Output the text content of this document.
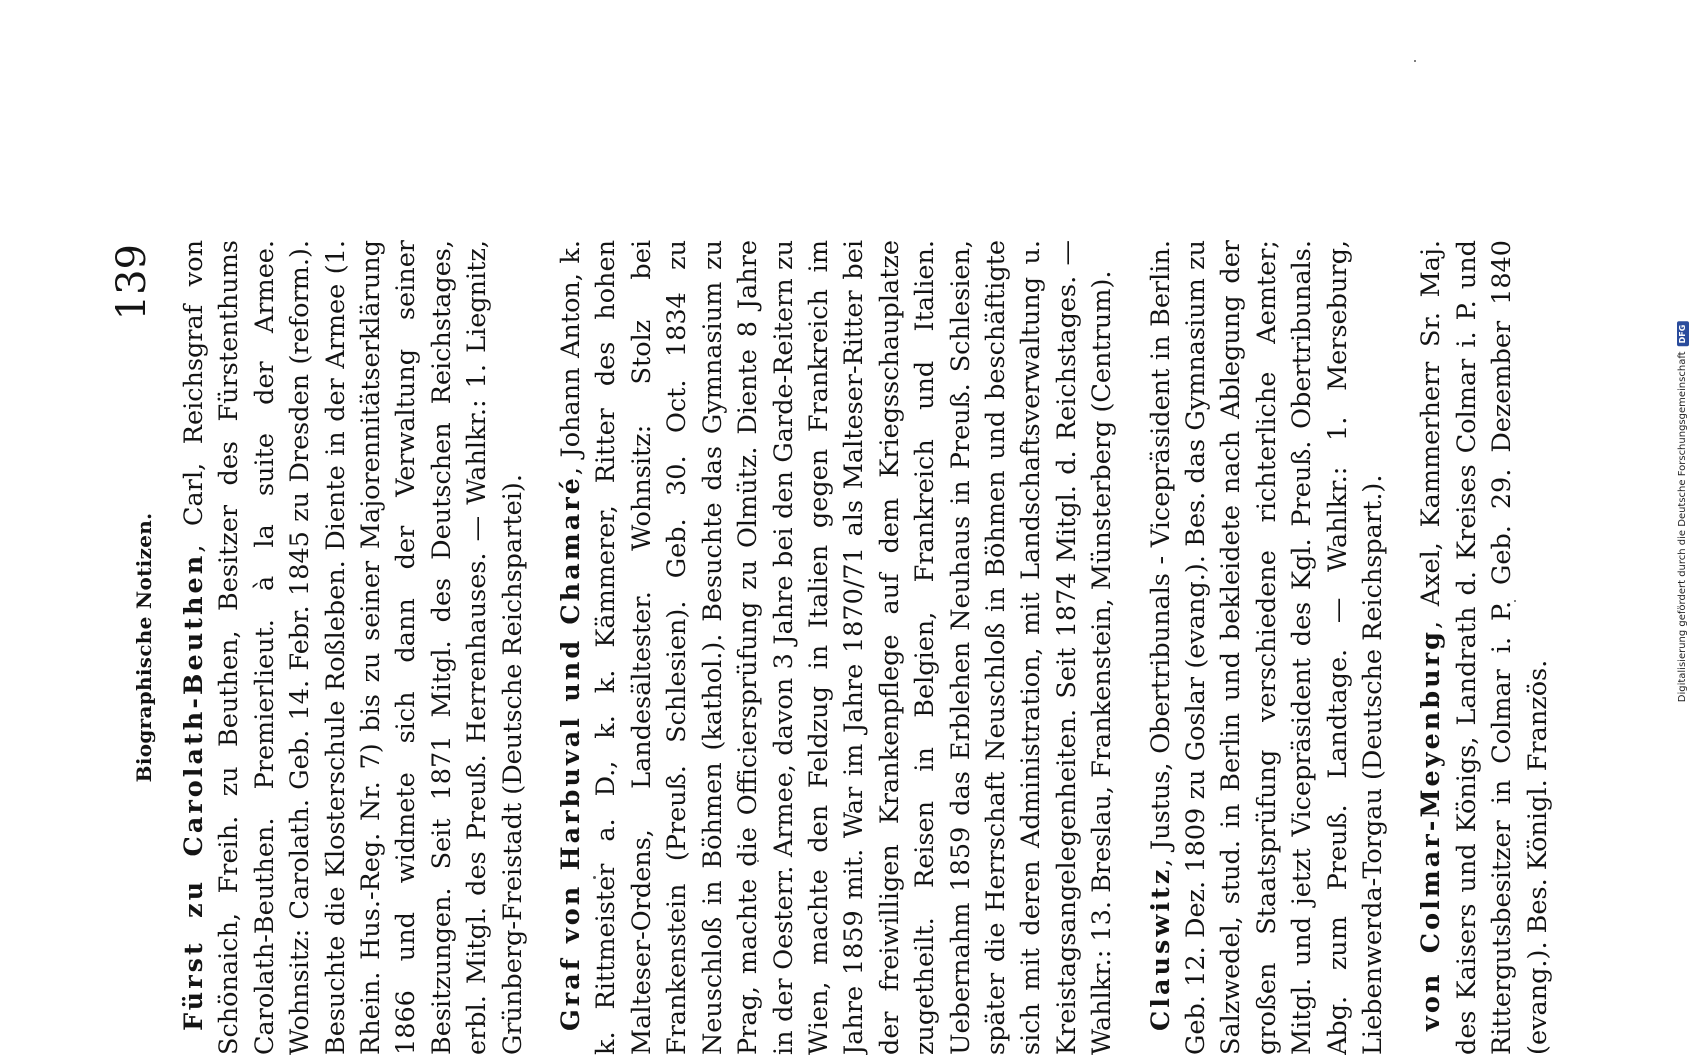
Biographische Notizen.
139

Fürst zu Carolath-Beuthen, Carl, Reichsgraf von Schönaich, Freih. zu Beuthen, Besitzer des Fürstenthums Carolath-Beuthen. Premierlieut. à la suite der Armee. Wohnsitz: Carolath. Geb. 14. Febr. 1845 zu Dresden (reform.). Besuchte die Klosterschule Roßleben. Diente in der Armee (1. Rhein. Hus.-Reg. Nr. 7) bis zu seiner Majorennitätserklärung 1866 und widmete sich dann der Verwaltung seiner Besitzungen. Seit 1871 Mitgl. des Deutschen Reichstages, erbl. Mitgl. des Preuß. Herrenhauses. — Wahlkr.: 1. Liegnitz, Grünberg-Freistadt (Deutsche Reichspartei). Graf von Harbuval und Chamaré, Johann Anton, k. k. Rittmeister a. D., k. k. Kämmerer, Ritter des hohen Malteser-Ordens, Landesältester. Wohnsitz: Stolz bei Frankenstein (Preuß. Schlesien). Geb. 30. Oct. 1834 zu Neuschloß in Böhmen (kathol.). Besuchte das Gymnasium zu Prag, machte die Officiersprüfung zu Olmütz. Diente 8 Jahre in der Oesterr. Armee, davon 3 Jahre bei den Garde-Reitern zu Wien, machte den Feldzug in Italien gegen Frankreich im Jahre 1859 mit. War im Jahre 1870/71 als Malteser-Ritter bei der freiwilligen Krankenpflege auf dem Kriegsschauplatze zugetheilt. Reisen in Belgien, Frankreich und Italien. Uebernahm 1859 das Erblehen Neuhaus in Preuß. Schlesien, später die Herrschaft Neuschloß in Böhmen und beschäftigte sich mit deren Administration, mit Landschaftsverwaltung u. Kreistagsangelegenheiten. Seit 1874 Mitgl. d. Reichstages. — Wahlkr.: 13. Breslau, Frankenstein, Münsterberg (Centrum). Clauswitz, Justus, Obertribunals - Vicepräsident in Berlin. Geb. 12. Dez. 1809 zu Goslar (evang.). Bes. das Gymnasium zu Salzwedel, stud. in Berlin und bekleidete nach Ablegung der großen Staatsprüfung verschiedene richterliche Aemter; Mitgl. und jetzt Vicepräsident des Kgl. Preuß. Obertribunals. Abg. zum Preuß. Landtage. — Wahlkr.: 1. Merseburg, Liebenwerda-Torgau (Deutsche Reichspart.). von Colmar-Meyenburg, Axel, Kammerherr Sr. Maj. des Kaisers und Königs, Landrath d. Kreises Colmar i. P. und Rittergutsbesitzer in Colmar i. P. Geb. 29. Dezember 1840 (evang.). Bes. Königl. Französ.

Digitalisierung gefördert durch die Deutsche Forschungsgemeinschaft
DFG
